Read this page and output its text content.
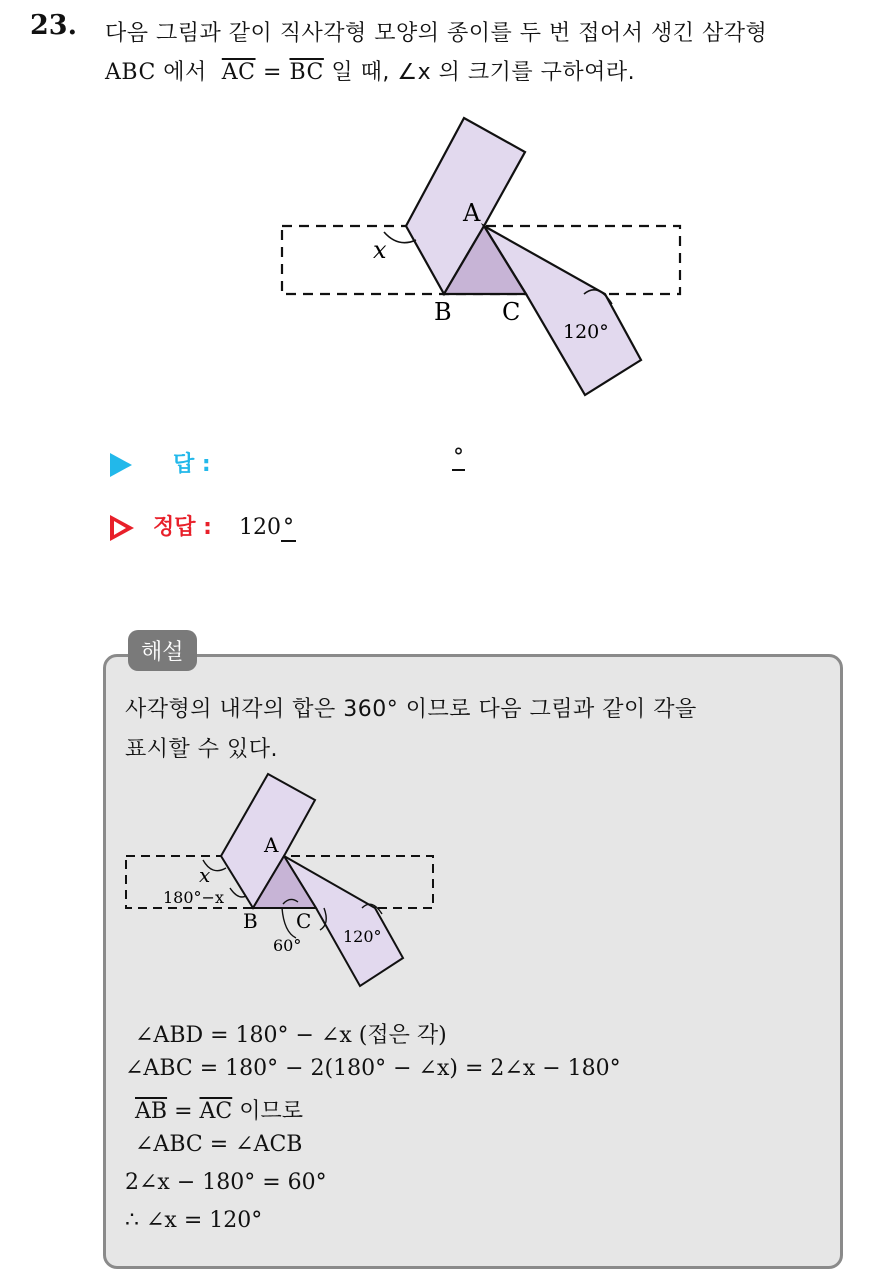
23. 다음 그림과 같이 직사각형 모양의 종이를 두 번 접어서 생긴 삼각형
ABC 에서 $\overline{AC} = \overline{BC}$ 일 때, ∠x 의 크기를 구하여라.
A
B C
x
120°
답 :	°
정답 : 120°
해설
사각형의 내각의 합은 360° 이므로 다음 그림과 같이 각을
표시할 수 있다.
A
B C
x
180°−x
60°	120°
∠ABD = 180° − ∠x (접은 각)
∠ABC = 180° − 2(180° − ∠x) = 2∠x − 180°
$\overline{AB} = \overline{AC}$ 이므로
∠ABC = ∠ACB
2∠x − 180° = 60°
∴ ∠x = 120°
